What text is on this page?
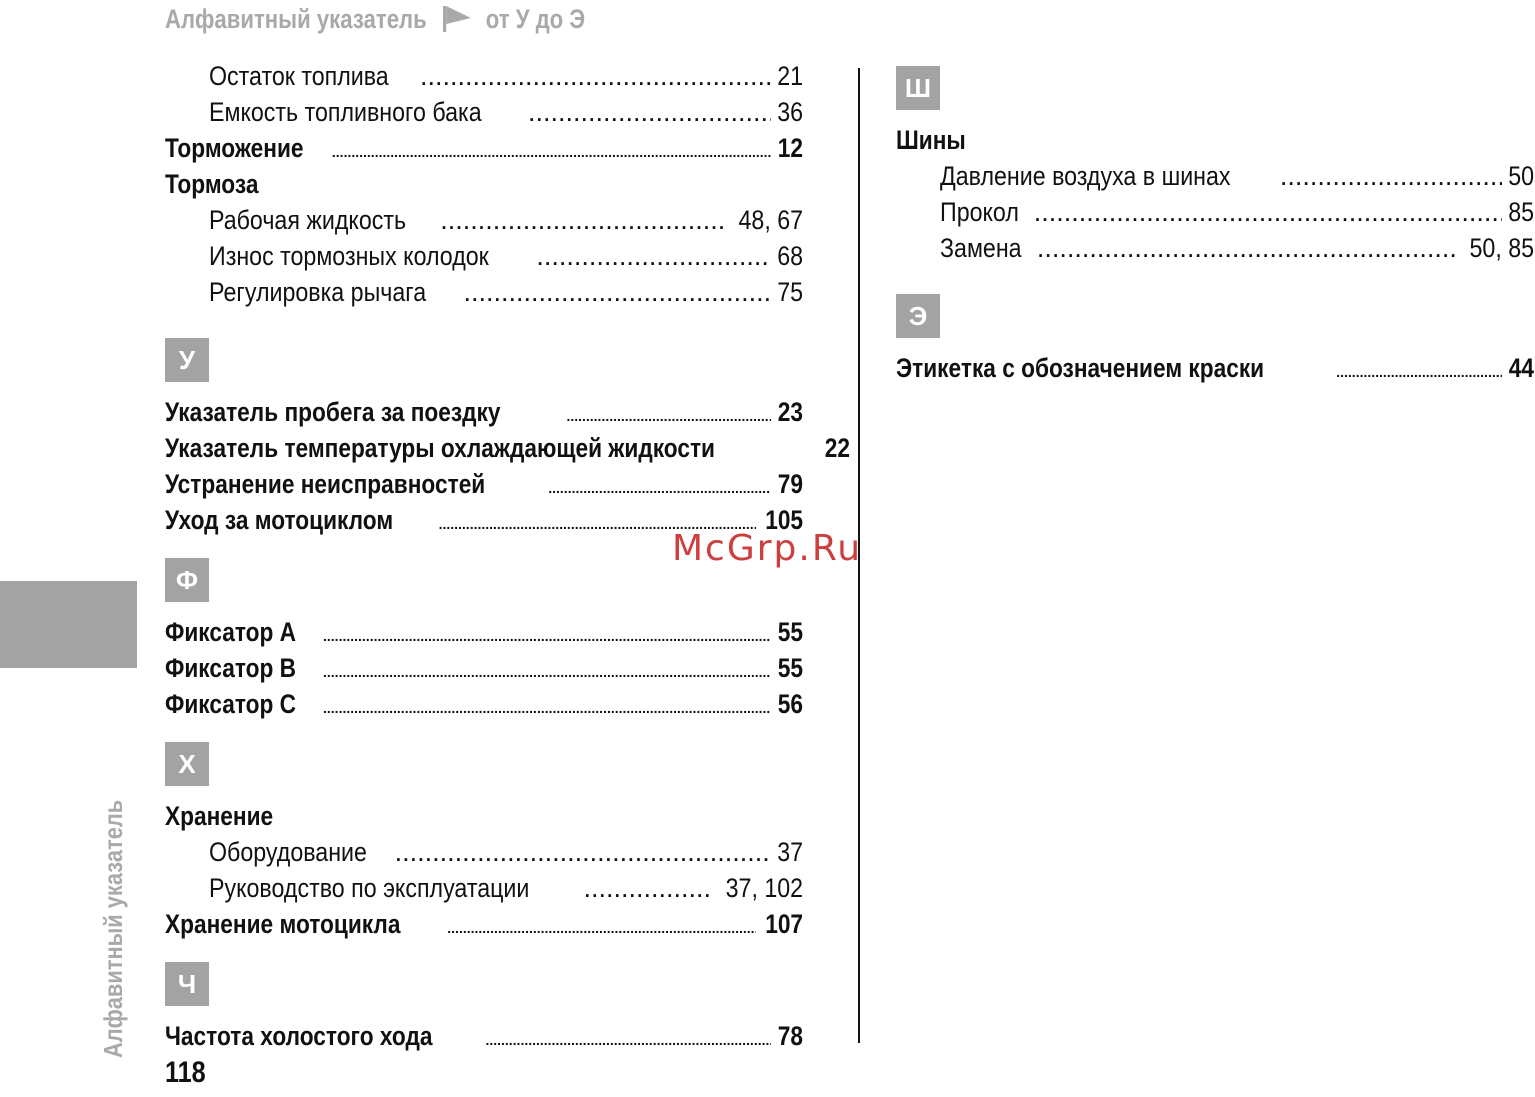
Алфавитный указатель от У до Э
Остаток топлива .....	21
Емкость топливного бака .....	36
Торможение .....	12
Тормоза
Рабочая жидкость .....	48, 67
Износ тормозных колодок .....	68
Регулировка рычага .....	75
У
Указатель пробега за поездку .....	23
Указатель температуры охлаждающей жидкости	22
Устранение неисправностей .....	79
Уход за мотоциклом .....	105
Ф
Фиксатор A .....	55
Фиксатор B .....	55
Фиксатор C .....	56
Х
Хранение
Оборудование .....	37
Руководство по эксплуатации .....	37, 102
Хранение мотоцикла .....	107
Ч
Частота холостого хода .....	78
Ш
Шины
Давление воздуха в шинах .....	50
Прокол .....	85
Замена .....	50, 85
Э
Этикетка с обозначением краски .....	44
Алфавитный указатель
118
McGrp.Ru
